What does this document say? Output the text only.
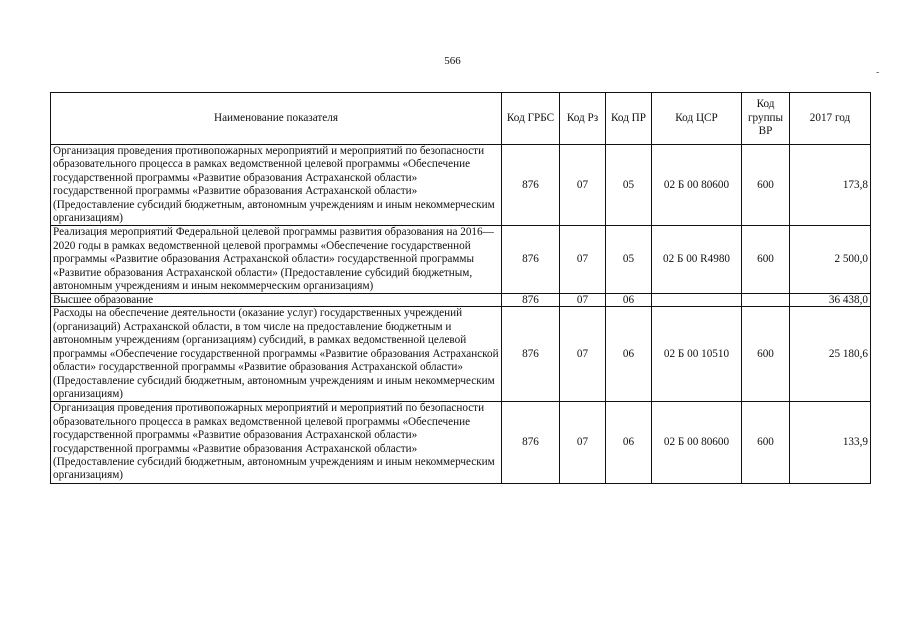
566
-
Наименование показателя	Код ГРБС	Код Рз	Код ПР	Код ЦСР	Код группы ВР	2017 год
Организация проведения противопожарных мероприятий и мероприятий по безопасности образовательного процесса в рамках ведомственной целевой программы «Обеспечение государственной программы «Развитие образования Астраханской области» государственной программы «Развитие образования Астраханской области» (Предоставление субсидий бюджетным, автономным учреждениям и иным некоммерческим организациям)	876	07	05	02 Б 00 80600	600	173,8
Реализация мероприятий Федеральной целевой программы развития образования на 2016—2020 годы в рамках ведомственной целевой программы «Обеспечение государственной программы «Развитие образования Астраханской области» государственной программы «Развитие образования Астраханской области» (Предоставление субсидий бюджетным, автономным учреждениям и иным некоммерческим организациям)	876	07	05	02 Б 00 R4980	600	2 500,0
Высшее образование	876	07	06			36 438,0
Расходы на обеспечение деятельности (оказание услуг) государственных учреждений (организаций) Астраханской области, в том числе на предоставление бюджетным и автономным учреждениям (организациям) субсидий, в рамках ведомственной целевой программы «Обеспечение государственной программы «Развитие образования Астраханской области» государственной программы «Развитие образования Астраханской области» (Предоставление субсидий бюджетным, автономным учреждениям и иным некоммерческим организациям)	876	07	06	02 Б 00 10510	600	25 180,6
Организация проведения противопожарных мероприятий и мероприятий по безопасности образовательного процесса в рамках ведомственной целевой программы «Обеспечение государственной программы «Развитие образования Астраханской области» государственной программы «Развитие образования Астраханской области» (Предоставление субсидий бюджетным, автономным учреждениям и иным некоммерческим организациям)	876	07	06	02 Б 00 80600	600	133,9
